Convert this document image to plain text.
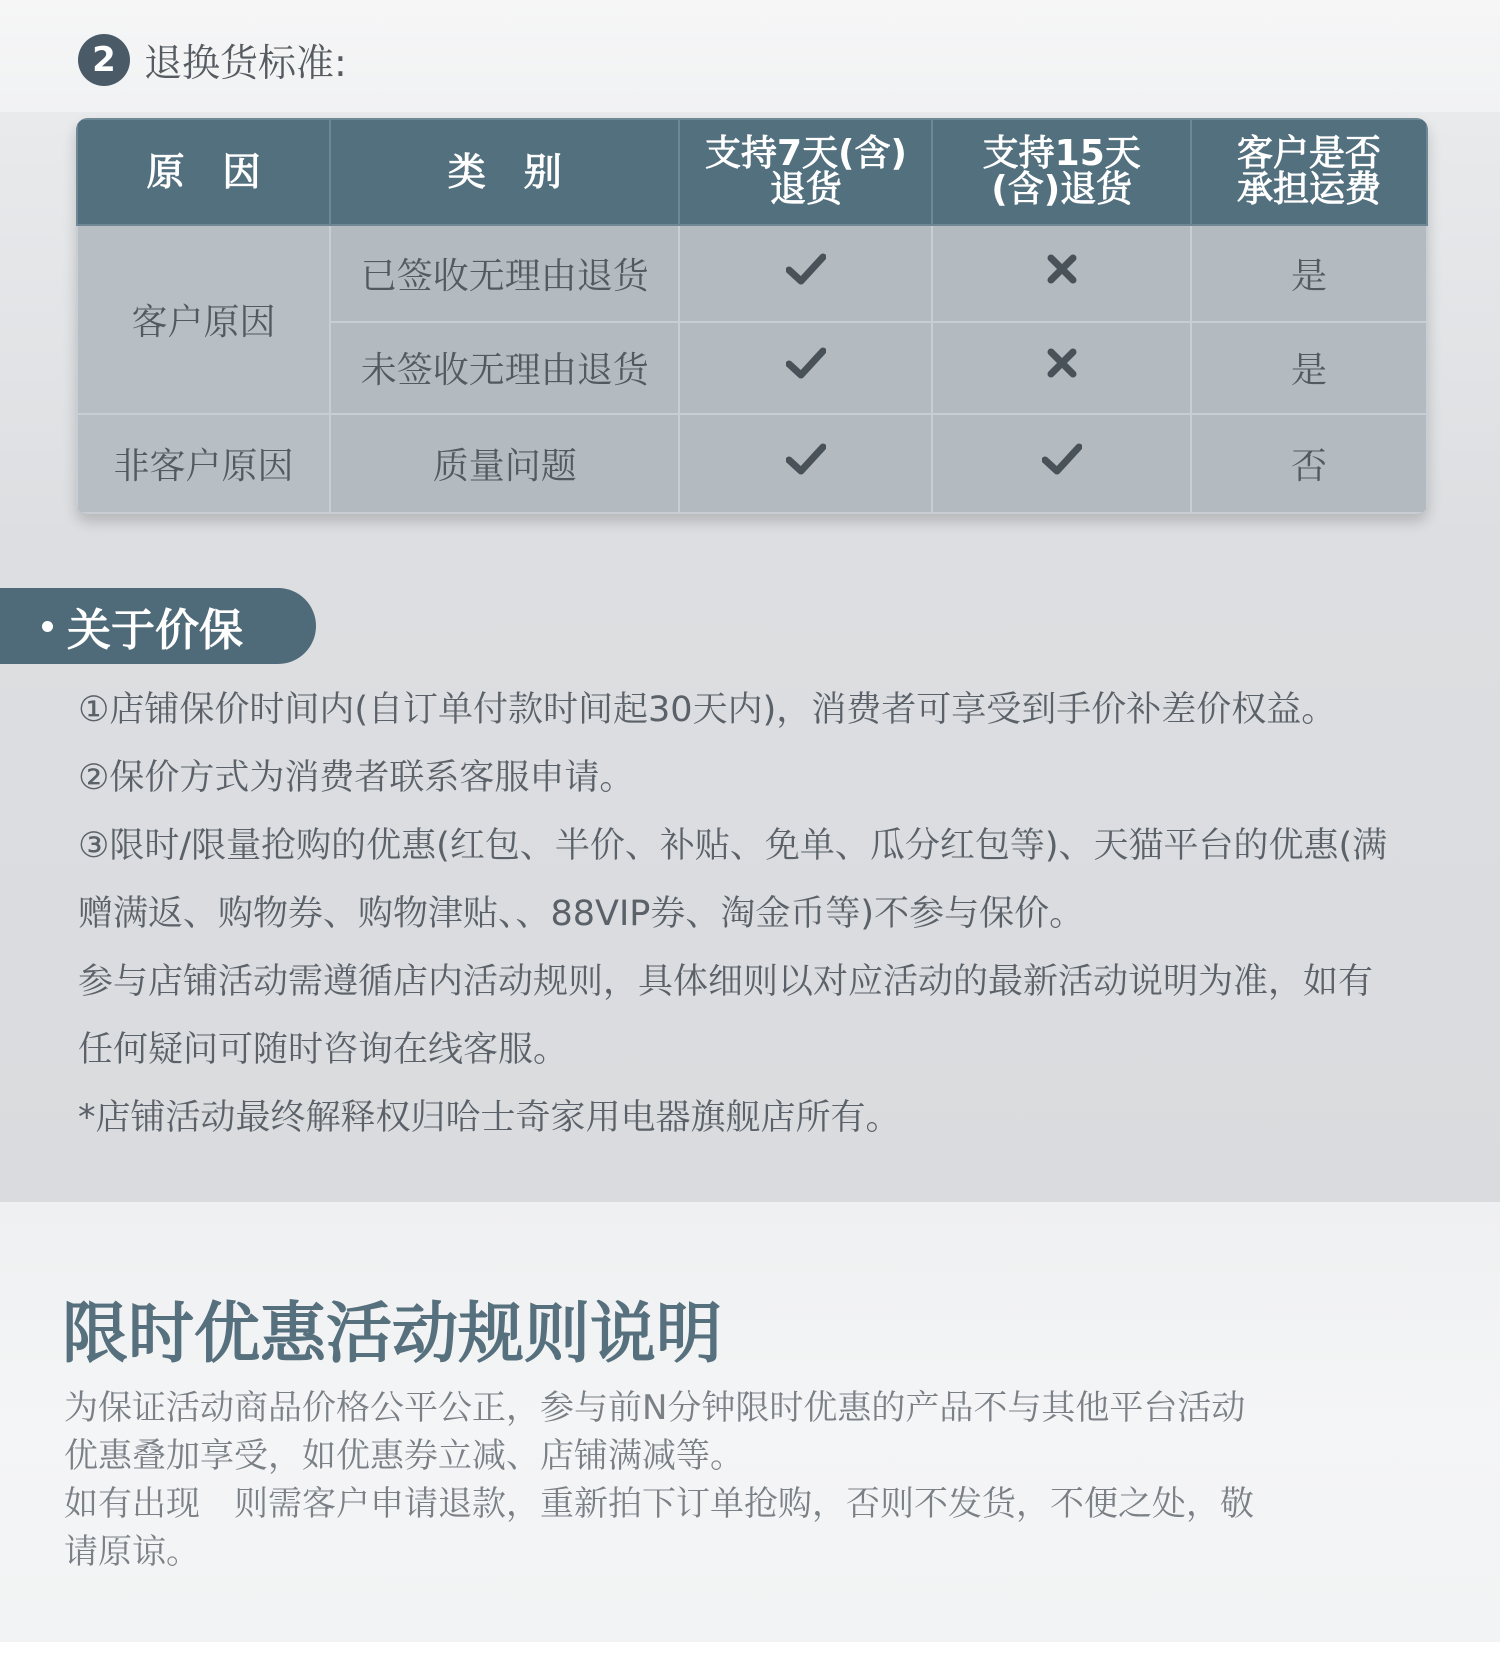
2 退换货标准:
原　因	类　别	支持7天(含)退货	支持15天(含)退货	客户是否承担运费
客户原因	已签收无理由退货			是
	未签收无理由退货			是
非客户原因	质量问题			否
关于价保
①店铺保价时间内(自订单付款时间起30天内)，消费者可享受到手价补差价权益。
②保价方式为消费者联系客服申请。
③限时/限量抢购的优惠(红包、半价、补贴、免单、瓜分红包等)、天猫平台的优惠(满
赠满返、购物券、购物津贴、、88VIP券、淘金币等)不参与保价。
参与店铺活动需遵循店内活动规则，具体细则以对应活动的最新活动说明为准，如有
任何疑问可随时咨询在线客服。
*店铺活动最终解释权归哈士奇家用电器旗舰店所有。
限时优惠活动规则说明
为保证活动商品价格公平公正，参与前N分钟限时优惠的产品不与其他平台活动
优惠叠加享受，如优惠券立减、店铺满减等。
如有出现　则需客户申请退款，重新拍下订单抢购，否则不发货，不便之处，敬
请原谅。
